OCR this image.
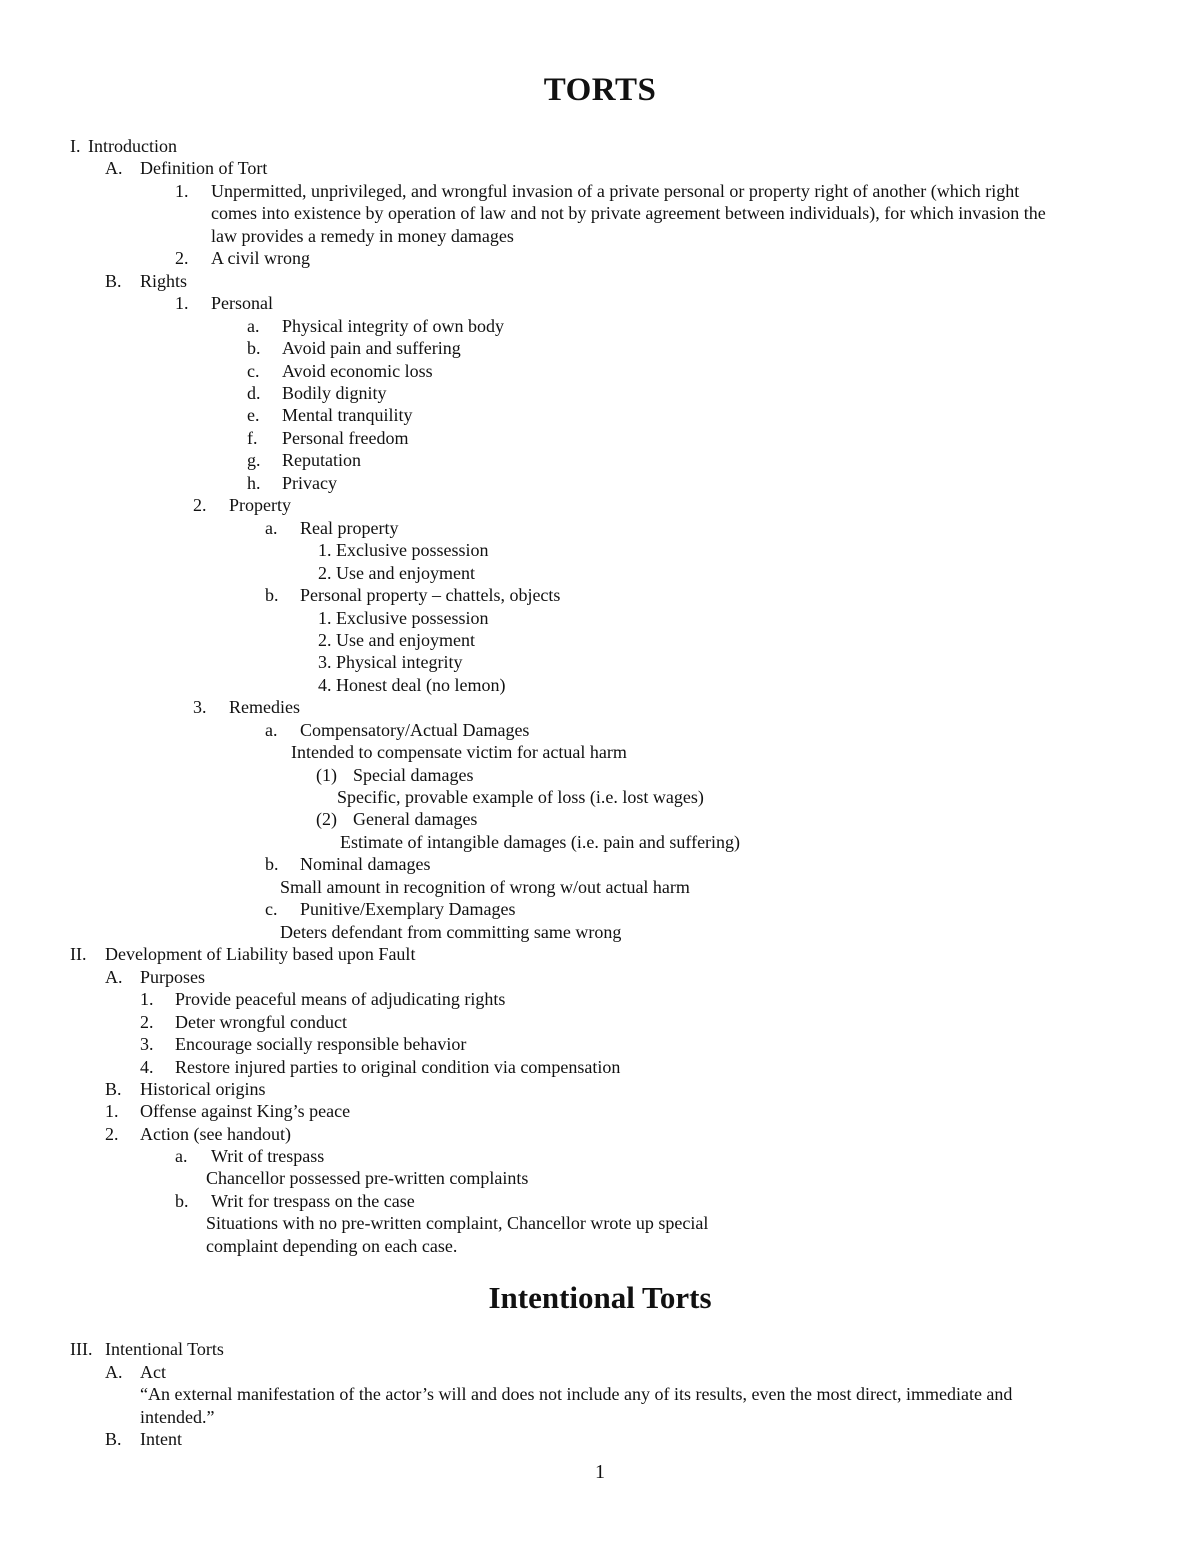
TORTS
Intentional Torts
I. Introduction
A. Definition of Tort
1. Unpermitted, unprivileged, and wrongful invasion of a private personal or property right of another (which right
comes into existence by operation of law and not by private agreement between individuals), for which invasion the
law provides a remedy in money damages
2. A civil wrong
B. Rights
1. Personal
a. Physical integrity of own body
b. Avoid pain and suffering
c. Avoid economic loss
d. Bodily dignity
e. Mental tranquility
f. Personal freedom
g. Reputation
h. Privacy
2. Property
a. Real property
1. Exclusive possession
2. Use and enjoyment
b. Personal property – chattels, objects
1. Exclusive possession
2. Use and enjoyment
3. Physical integrity
4. Honest deal (no lemon)
3. Remedies
a. Compensatory/Actual Damages
Intended to compensate victim for actual harm
(1) Special damages
Specific, provable example of loss (i.e. lost wages)
(2) General damages
Estimate of intangible damages (i.e. pain and suffering)
b. Nominal damages
Small amount in recognition of wrong w/out actual harm
c. Punitive/Exemplary Damages
Deters defendant from committing same wrong
II. Development of Liability based upon Fault
A. Purposes
1. Provide peaceful means of adjudicating rights
2. Deter wrongful conduct
3. Encourage socially responsible behavior
4. Restore injured parties to original condition via compensation
B. Historical origins
1. Offense against King’s peace
2. Action (see handout)
a. Writ of trespass
Chancellor possessed pre-written complaints
b. Writ for trespass on the case
Situations with no pre-written complaint, Chancellor wrote up special
complaint depending on each case.
III. Intentional Torts
A. Act
“An external manifestation of the actor’s will and does not include any of its results, even the most direct, immediate and
intended.”
B. Intent
1
